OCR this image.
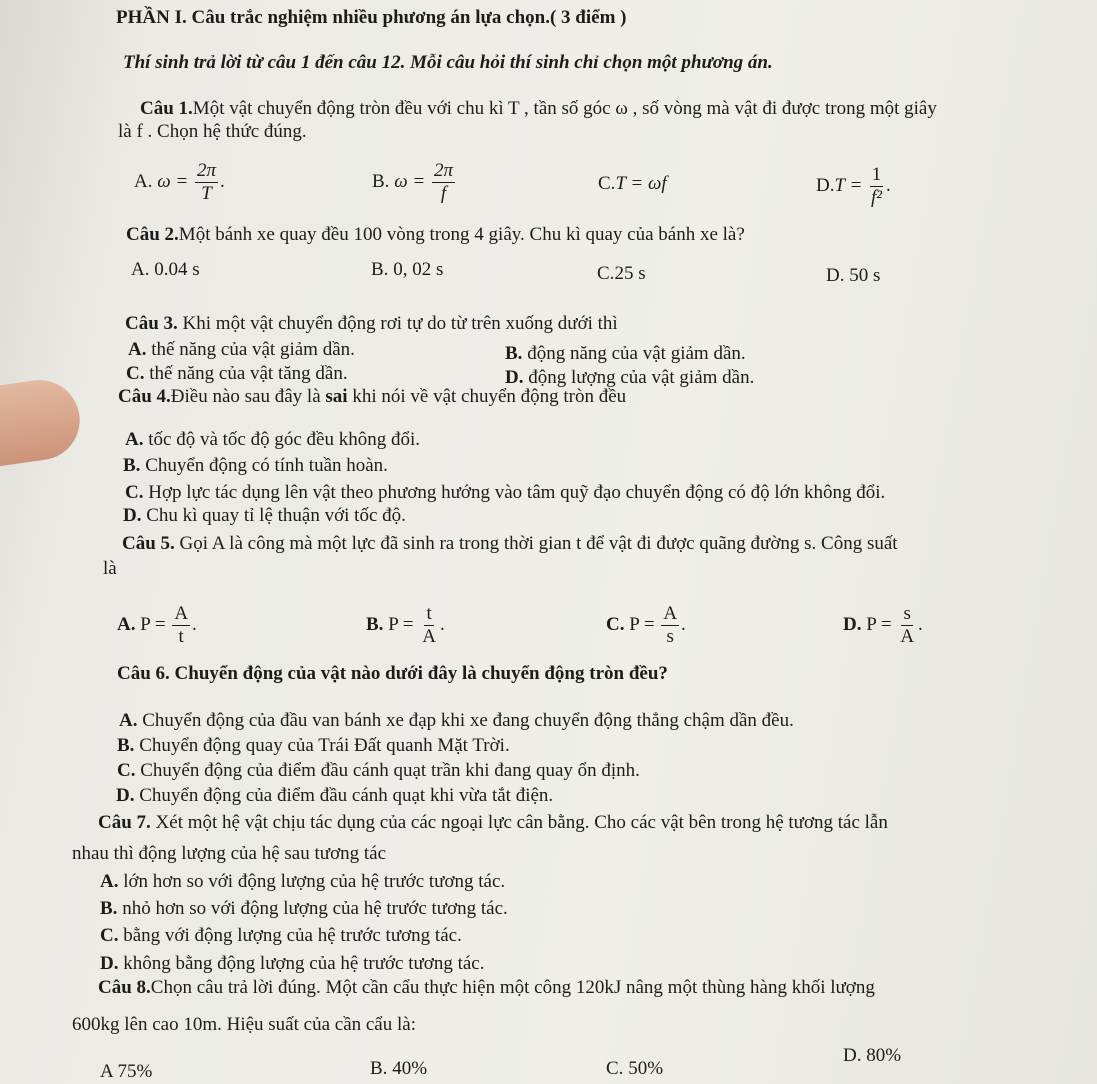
PHẦN I. Câu trắc nghiệm nhiều phương án lựa chọn.( 3 điểm )
Thí sinh trả lời từ câu 1 đến câu 12. Mỗi câu hỏi thí sinh chỉ chọn một phương án.
Câu 1.Một vật chuyển động tròn đều với chu kì T , tần số góc ω , số vòng mà vật đi được trong một giây
là f . Chọn hệ thức đúng.
A. $\omega = \frac{2\pi}{T}$ .	B. $\omega = \frac{2\pi}{f}$	C.T = ωf	$D.T = \frac{1}{\text{f²}}$ .
Câu 2.Một bánh xe quay đều 100 vòng trong 4 giây. Chu kì quay của bánh xe là?
A. 0.04 s	B. 0, 02 s	C.25 s	D. 50 s
Câu 3. Khi một vật chuyển động rơi tự do từ trên xuống dưới thì
A. thế năng của vật giảm dần.	B. động năng của vật giảm dần.
C. thế năng của vật tăng dần.	D. động lượng của vật giảm dần.
Câu 4.Điều nào sau đây là sai khi nói về vật chuyển động tròn đều
A. tốc độ và tốc độ góc đều không đổi.
B. Chuyển động có tính tuần hoàn.
C. Hợp lực tác dụng lên vật theo phương hướng vào tâm quỹ đạo chuyển động có độ lớn không đổi.
D. Chu kì quay tỉ lệ thuận với tốc độ.
Câu 5. Gọi A là công mà một lực đã sinh ra trong thời gian t để vật đi được quãng đường s. Công suất
là
A. $P = \frac{A}{t}$ .	B. $P = \frac{t}{A}$ .	C. $P = \frac{A}{s}$ .	D. $P = \frac{s}{A}$ .
Câu 6. Chuyển động của vật nào dưới đây là chuyển động tròn đều?
A. Chuyển động của đầu van bánh xe đạp khi xe đang chuyển động thẳng chậm dần đều.
B. Chuyển động quay của Trái Đất quanh Mặt Trời.
C. Chuyển động của điểm đầu cánh quạt trần khi đang quay ổn định.
D. Chuyển động của điểm đầu cánh quạt khi vừa tắt điện.
Câu 7. Xét một hệ vật chịu tác dụng của các ngoại lực cân bằng. Cho các vật bên trong hệ tương tác lẫn
nhau thì động lượng của hệ sau tương tác
A. lớn hơn so với động lượng của hệ trước tương tác.
B. nhỏ hơn so với động lượng của hệ trước tương tác.
C. bằng với động lượng của hệ trước tương tác.
D. không bằng động lượng của hệ trước tương tác.
Câu 8.Chọn câu trả lời đúng. Một cần cẩu thực hiện một công 120kJ nâng một thùng hàng khối lượng
600kg lên cao 10m. Hiệu suất của cần cẩu là:
A 75%	B. 40%	C. 50%
D. 80%
